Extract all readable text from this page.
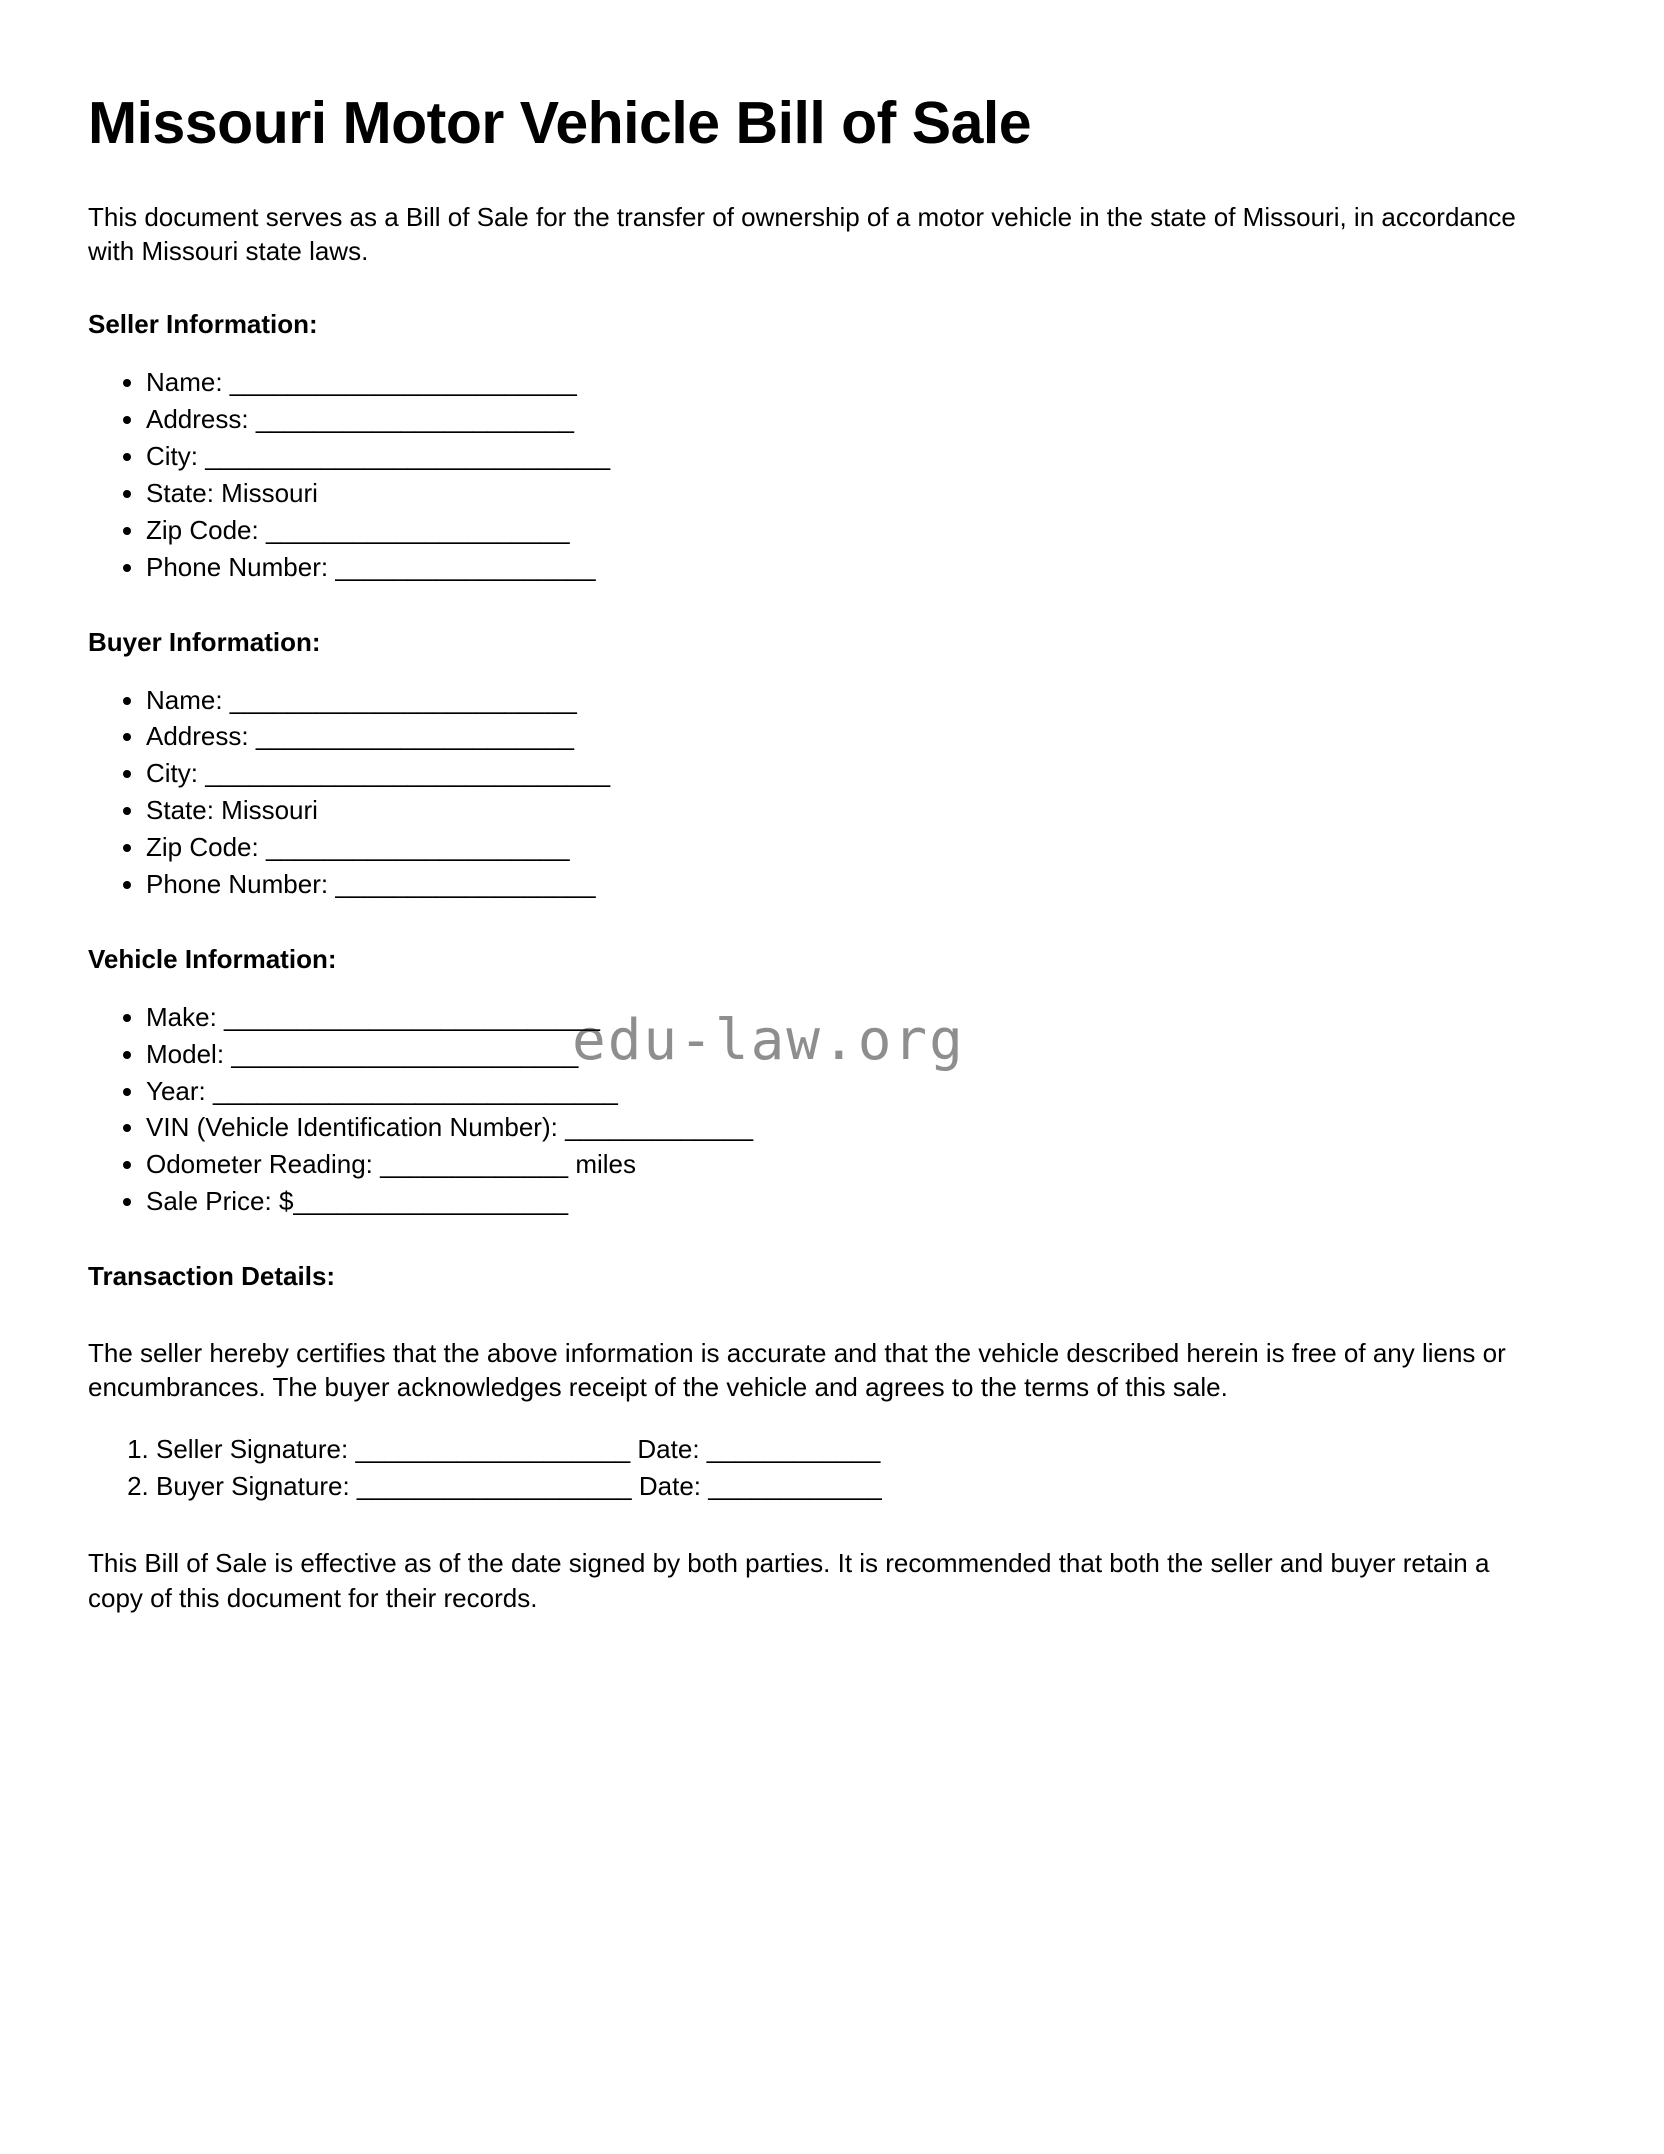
edu-law.org
Missouri Motor Vehicle Bill of Sale

This document serves as a Bill of Sale for the transfer of ownership of a motor vehicle in the state of Missouri, in accordance with Missouri state laws.

Seller Information:
• Name: ________________________
• Address: ______________________
• City: ____________________________
• State: Missouri
• Zip Code: _____________________
• Phone Number: __________________
Buyer Information:
• Name: ________________________
• Address: ______________________
• City: ____________________________
• State: Missouri
• Zip Code: _____________________
• Phone Number: __________________
Vehicle Information:
• Make: __________________________
• Model: ________________________
• Year: ____________________________
• VIN (Vehicle Identification Number): _____________
• Odometer Reading: _____________ miles
• Sale Price: $___________________
Transaction Details:

The seller hereby certifies that the above information is accurate and that the vehicle described herein is free of any liens or encumbrances. The buyer acknowledges receipt of the vehicle and agrees to the terms of this sale.

1. Seller Signature: ___________________ Date: ____________
2. Buyer Signature: ___________________ Date: ____________

This Bill of Sale is effective as of the date signed by both parties. It is recommended that both the seller and buyer retain a copy of this document for their records.
